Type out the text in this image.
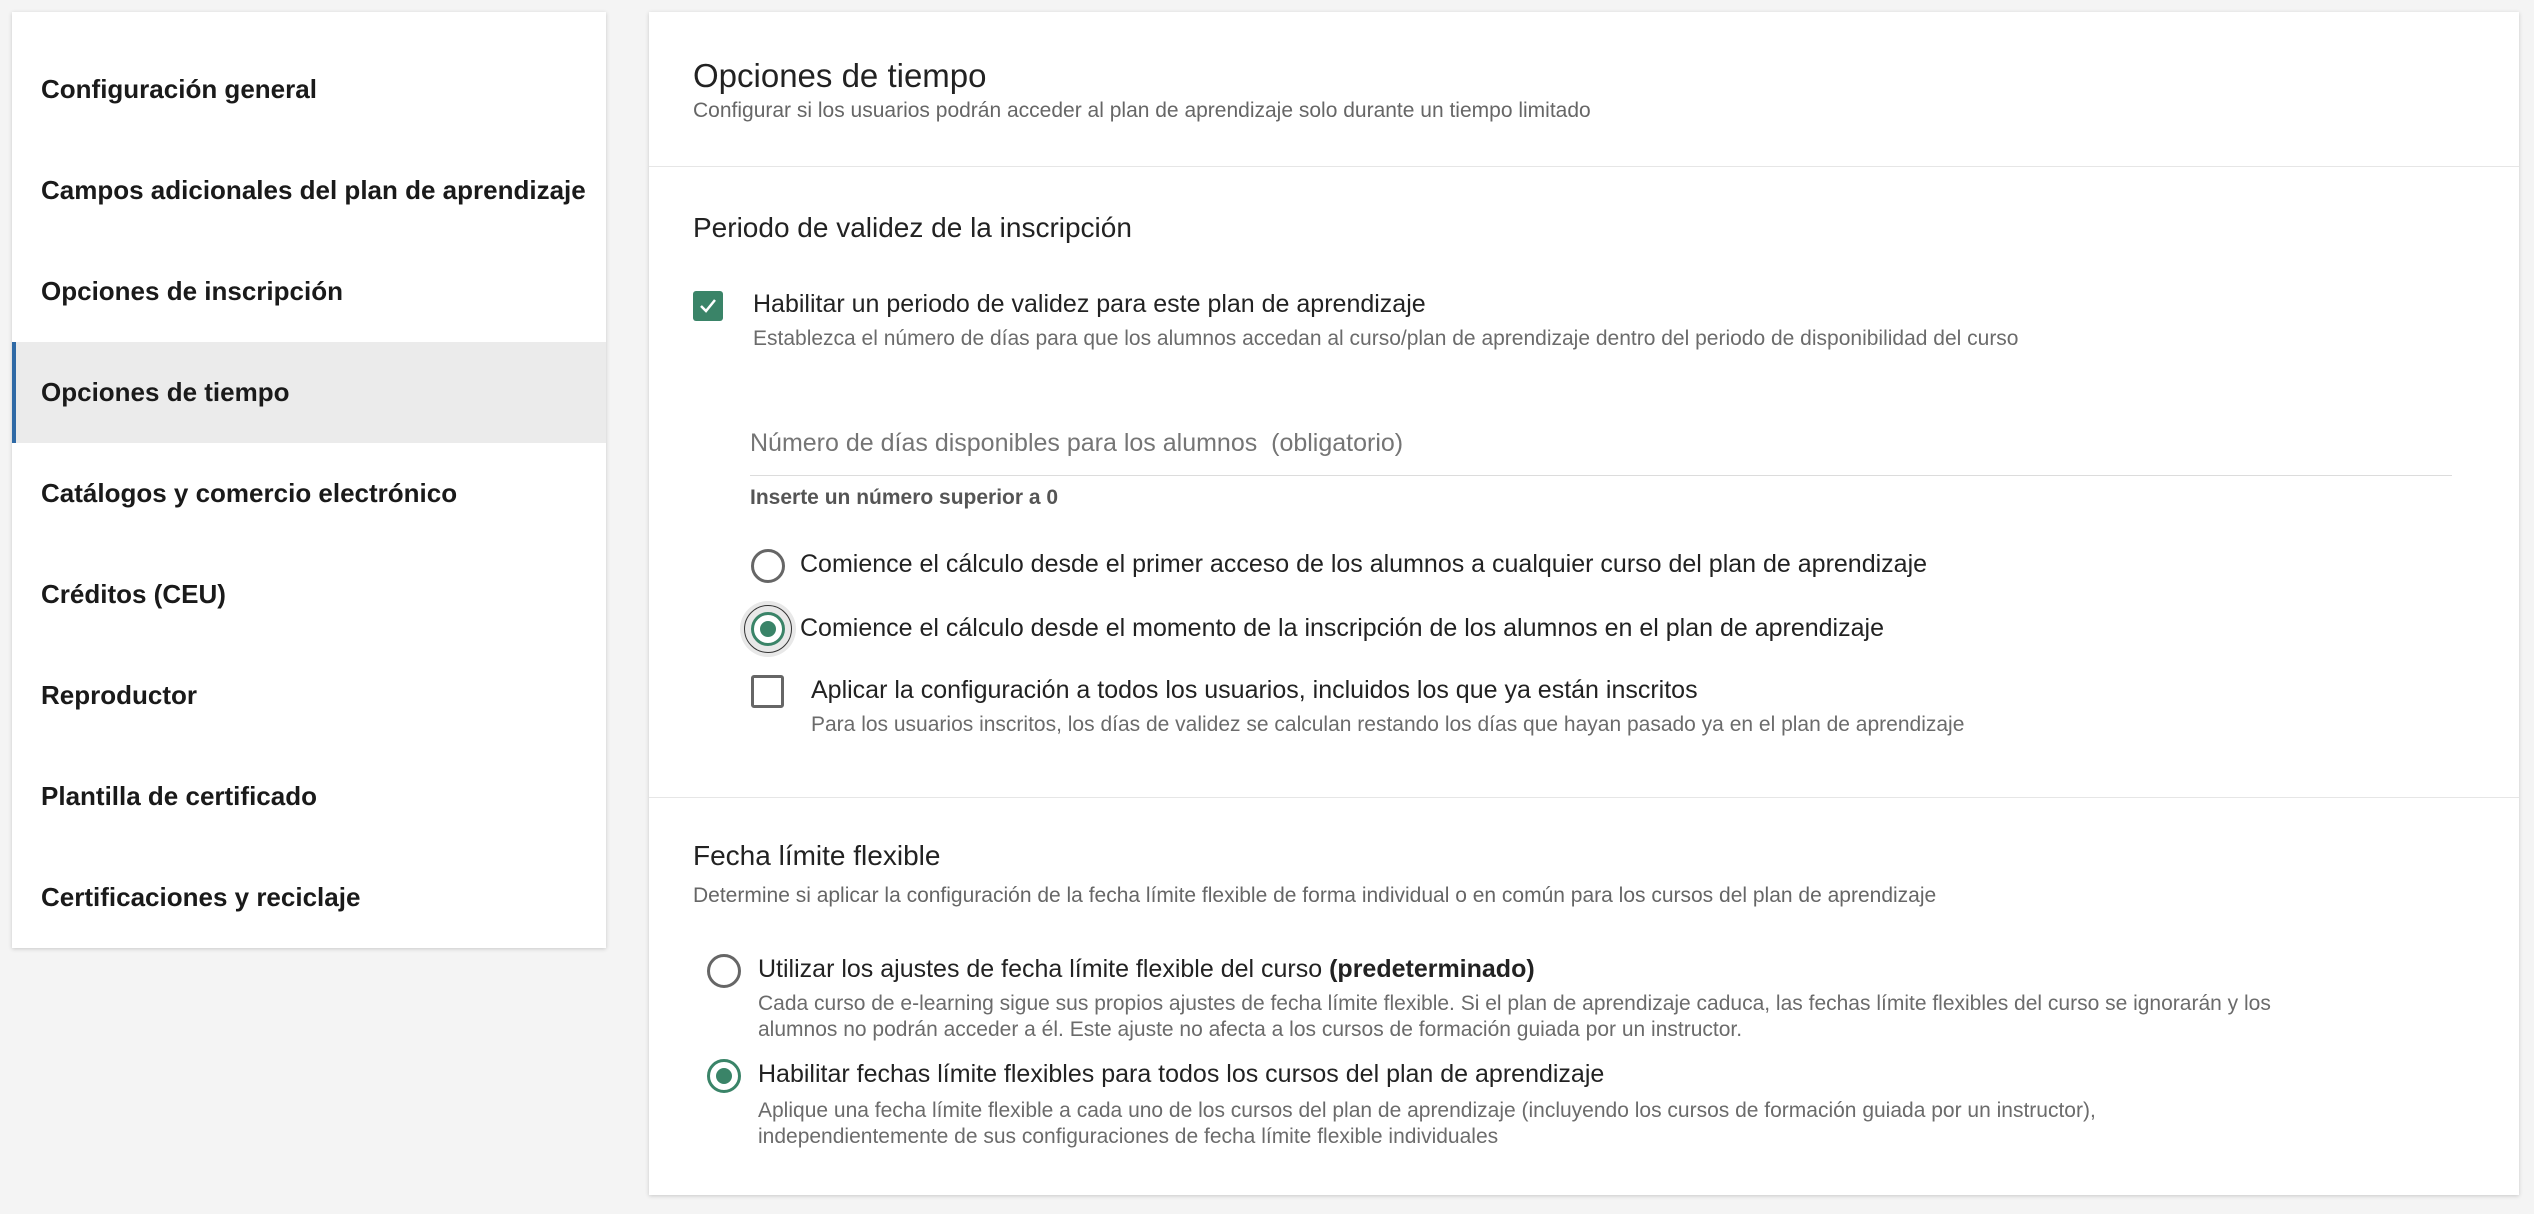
Configuración general
Campos adicionales del plan de aprendizaje
Opciones de inscripción
Opciones de tiempo
Catálogos y comercio electrónico
Créditos (CEU)
Reproductor
Plantilla de certificado
Certificaciones y reciclaje
Opciones de tiempo
Configurar si los usuarios podrán acceder al plan de aprendizaje solo durante un tiempo limitado
Periodo de validez de la inscripción
Habilitar un periodo de validez para este plan de aprendizaje
Establezca el número de días para que los alumnos accedan al curso/plan de aprendizaje dentro del periodo de disponibilidad del curso
Número de días disponibles para los alumnos (obligatorio)
Inserte un número superior a 0
Comience el cálculo desde el primer acceso de los alumnos a cualquier curso del plan de aprendizaje
Comience el cálculo desde el momento de la inscripción de los alumnos en el plan de aprendizaje
Aplicar la configuración a todos los usuarios, incluidos los que ya están inscritos
Para los usuarios inscritos, los días de validez se calculan restando los días que hayan pasado ya en el plan de aprendizaje
Fecha límite flexible
Determine si aplicar la configuración de la fecha límite flexible de forma individual o en común para los cursos del plan de aprendizaje
Utilizar los ajustes de fecha límite flexible del curso (predeterminado)
Cada curso de e-learning sigue sus propios ajustes de fecha límite flexible. Si el plan de aprendizaje caduca, las fechas límite flexibles del curso se ignorarán y los
alumnos no podrán acceder a él. Este ajuste no afecta a los cursos de formación guiada por un instructor.
Habilitar fechas límite flexibles para todos los cursos del plan de aprendizaje
Aplique una fecha límite flexible a cada uno de los cursos del plan de aprendizaje (incluyendo los cursos de formación guiada por un instructor),
independientemente de sus configuraciones de fecha límite flexible individuales
